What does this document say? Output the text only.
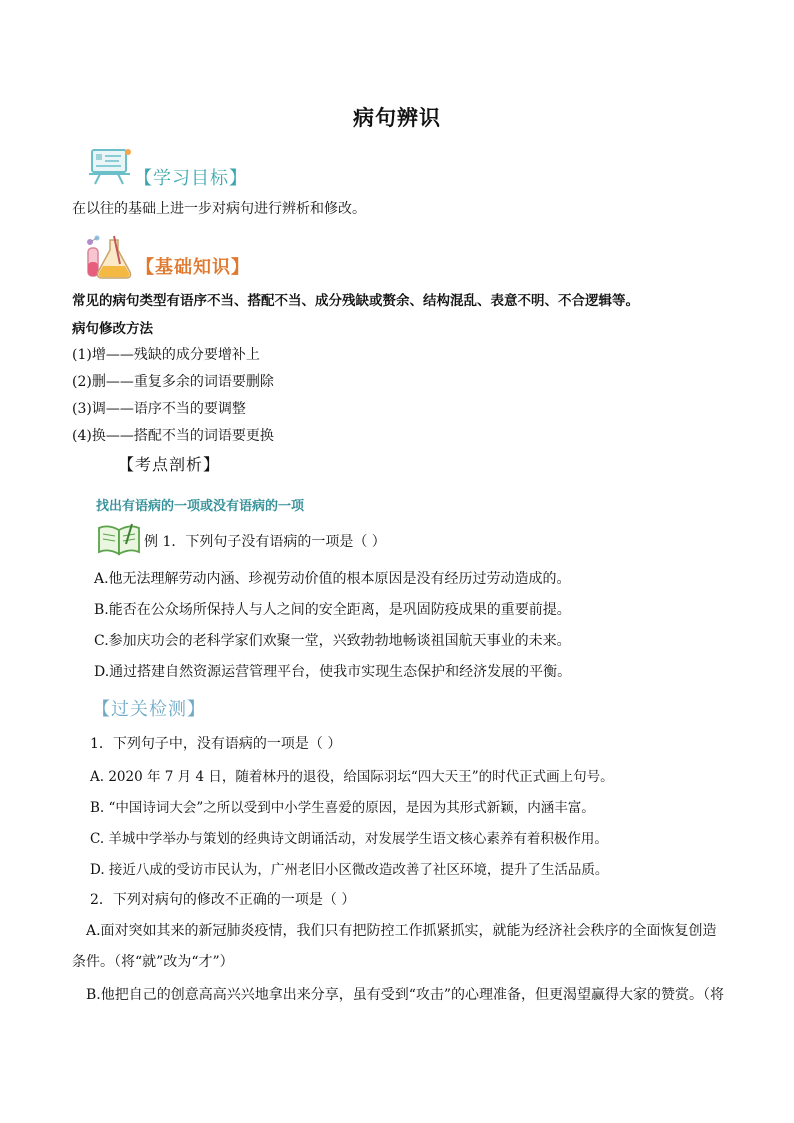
病句辨识
【学习目标】
在以往的基础上进一步对病句进行辨析和修改。
【基础知识】
常见的病句类型有语序不当、搭配不当、成分残缺或赘余、结构混乱、表意不明、不合逻辑等。
病句修改方法
(1)增——残缺的成分要增补上
(2)删——重复多余的词语要删除
(3)调——语序不当的要调整
(4)换——搭配不当的词语要更换
【考点剖析】
找出有语病的一项或没有语病的一项
例 1．下列句子没有语病的一项是（ ）
A.他无法理解劳动内涵、珍视劳动价值的根本原因是没有经历过劳动造成的。
B.能否在公众场所保持人与人之间的安全距离，是巩固防疫成果的重要前提。
C.参加庆功会的老科学家们欢聚一堂，兴致勃勃地畅谈祖国航天事业的未来。
D.通过搭建自然资源运营管理平台，使我市实现生态保护和经济发展的平衡。
【过关检测】
1．下列句子中，没有语病的一项是（ ）
A. 2020 年 7 月 4 日，随着林丹的退役，给国际羽坛“四大天王”的时代正式画上句号。
B. “中国诗词大会”之所以受到中小学生喜爱的原因，是因为其形式新颖，内涵丰富。
C. 羊城中学举办与策划的经典诗文朗诵活动，对发展学生语文核心素养有着积极作用。
D. 接近八成的受访市民认为，广州老旧小区微改造改善了社区环境，提升了生活品质。
2．下列对病句的修改不正确的一项是（ ）
A.面对突如其来的新冠肺炎疫情，我们只有把防控工作抓紧抓实，就能为经济社会秩序的全面恢复创造
条件。（将“就”改为“才”）
B.他把自己的创意高高兴兴地拿出来分享，虽有受到“攻击”的心理准备，但更渴望赢得大家的赞赏。（将
